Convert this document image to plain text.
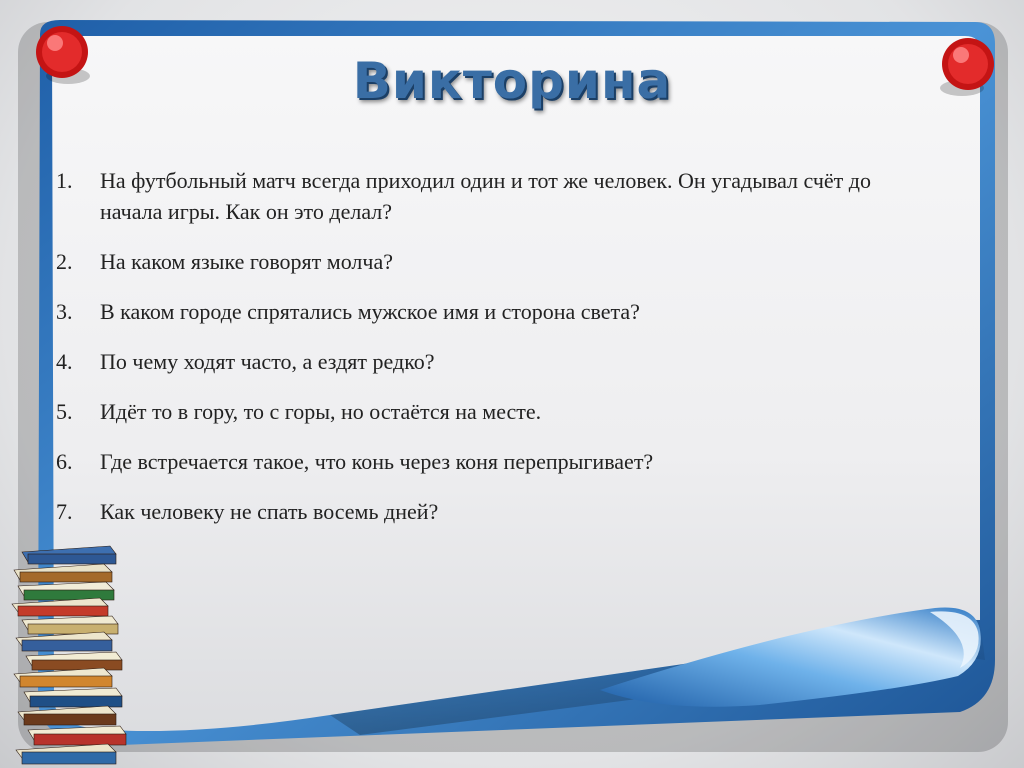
Викторина
1.	На футбольный матч всегда приходил один и тот же человек. Он угадывал счёт до начала игры. Как он это делал?
2.	На каком языке говорят молча?
3.	В каком городе спрятались мужское имя и сторона света?
4.	По чему ходят часто, а ездят редко?
5.	Идёт то в гору, то с горы, но остаётся на месте.
6.	Где встречается такое, что конь через коня перепрыгивает?
7.	Как человеку не спать восемь дней?
